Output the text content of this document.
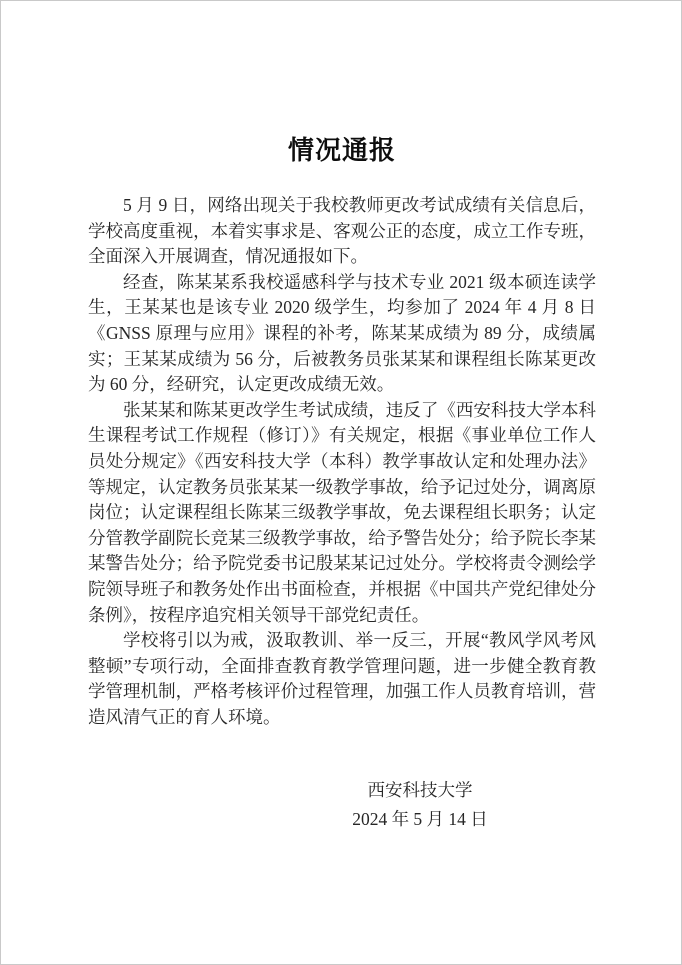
情况通报

5 月 9 日，网络出现关于我校教师更改考试成绩有关信息后，学校高度重视，本着实事求是、客观公正的态度，成立工作专班，全面深入开展调查，情况通报如下。

经查，陈某某系我校遥感科学与技术专业 2021 级本硕连读学生，王某某也是该专业 2020 级学生，均参加了 2024 年 4 月 8 日《GNSS 原理与应用》课程的补考，陈某某成绩为 89 分，成绩属实；王某某成绩为 56 分，后被教务员张某某和课程组长陈某更改为 60 分，经研究，认定更改成绩无效。

张某某和陈某更改学生考试成绩，违反了《西安科技大学本科生课程考试工作规程（修订）》有关规定，根据《事业单位工作人员处分规定》《西安科技大学（本科）教学事故认定和处理办法》等规定，认定教务员张某某一级教学事故，给予记过处分，调离原岗位；认定课程组长陈某三级教学事故，免去课程组长职务；认定分管教学副院长竞某三级教学事故，给予警告处分；给予院长李某某警告处分；给予院党委书记殷某某记过处分。学校将责令测绘学院领导班子和教务处作出书面检查，并根据《中国共产党纪律处分条例》，按程序追究相关领导干部党纪责任。

学校将引以为戒，汲取教训、举一反三，开展“教风学风考风整顿”专项行动，全面排查教育教学管理问题，进一步健全教育教学管理机制，严格考核评价过程管理，加强工作人员教育培训，营造风清气正的育人环境。

西安科技大学
2024 年 5 月 14 日
